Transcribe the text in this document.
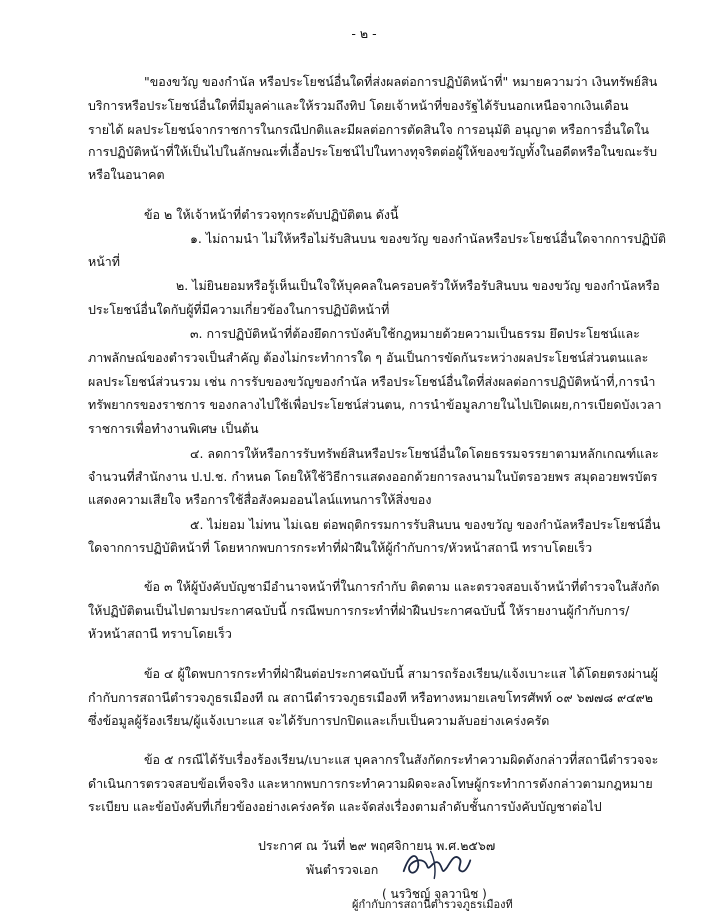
- ๒ -
"ของขวัญ ของกำนัล หรือประโยชน์อื่นใดที่ส่งผลต่อการปฏิบัติหน้าที่" หมายความว่า เงินทรัพย์สิน
บริการหรือประโยชน์อื่นใดที่มีมูลค่าและให้รวมถึงทิป โดยเจ้าหน้าที่ของรัฐได้รับนอกเหนือจากเงินเดือน
รายได้ ผลประโยชน์จากราชการในกรณีปกติและมีผลต่อการตัดสินใจ การอนุมัติ อนุญาต หรือการอื่นใดใน
การปฏิบัติหน้าที่ให้เป็นไปในลักษณะที่เอื้อประโยชน์ไปในทางทุจริตต่อผู้ให้ของขวัญทั้งในอดีตหรือในขณะรับ
หรือในอนาคต
ข้อ ๒ ให้เจ้าหน้าที่ตำรวจทุกระดับปฏิบัติตน ดังนี้
๑. ไม่ถามนำ ไม่ให้หรือไม่รับสินบน ของขวัญ ของกำนัลหรือประโยชน์อื่นใดจากการปฏิบัติ
หน้าที่
๒. ไม่ยินยอมหรือรู้เห็นเป็นใจให้บุคคลในครอบครัวให้หรือรับสินบน ของขวัญ ของกำนัลหรือ
ประโยชน์อื่นใดกับผู้ที่มีความเกี่ยวข้องในการปฏิบัติหน้าที่
๓. การปฏิบัติหน้าที่ต้องยึดการบังคับใช้กฎหมายด้วยความเป็นธรรม ยึดประโยชน์และ
ภาพลักษณ์ของตำรวจเป็นสำคัญ ต้องไม่กระทำการใด ๆ อันเป็นการขัดกันระหว่างผลประโยชน์ส่วนตนและ
ผลประโยชน์ส่วนรวม เช่น การรับของขวัญของกำนัล หรือประโยชน์อื่นใดที่ส่งผลต่อการปฏิบัติหน้าที่,การนำ
ทรัพยากรของราชการ ของกลางไปใช้เพื่อประโยชน์ส่วนตน, การนำข้อมูลภายในไปเปิดเผย,การเบียดบังเวลา
ราชการเพื่อทำงานพิเศษ เป็นต้น
๔. ลดการให้หรือการรับทรัพย์สินหรือประโยชน์อื่นใดโดยธรรมจรรยาตามหลักเกณฑ์และ
จำนวนที่สำนักงาน ป.ป.ช. กำหนด โดยให้ใช้วิธีการแสดงออกด้วยการลงนามในบัตรอวยพร สมุดอวยพรบัตร
แสดงความเสียใจ หรือการใช้สื่อสังคมออนไลน์แทนการให้สิ่งของ
๕. ไม่ยอม ไม่ทน ไม่เฉย ต่อพฤติกรรมการรับสินบน ของขวัญ ของกำนัลหรือประโยชน์อื่น
ใดจากการปฏิบัติหน้าที่ โดยหากพบการกระทำที่ฝ่าฝืนให้ผู้กำกับการ/หัวหน้าสถานี ทราบโดยเร็ว
ข้อ ๓ ให้ผู้บังคับบัญชามีอำนาจหน้าที่ในการกำกับ ติดตาม และตรวจสอบเจ้าหน้าที่ตำรวจในสังกัด
ให้ปฏิบัติตนเป็นไปตามประกาศฉบับนี้ กรณีพบการกระทำที่ฝ่าฝืนประกาศฉบับนี้ ให้รายงานผู้กำกับการ/
หัวหน้าสถานี ทราบโดยเร็ว
ข้อ ๔ ผู้ใดพบการกระทำที่ฝ่าฝืนต่อประกาศฉบับนี้ สามารถร้องเรียน/แจ้งเบาะแส ได้โดยตรงผ่านผู้
กำกับการสถานีตำรวจภูธรเมืองที ณ สถานีตำรวจภูธรเมืองที หรือทางหมายเลขโทรศัพท์ ๐๙ ๖๗๗๘ ๙๔๙๒
ซึ่งข้อมูลผู้ร้องเรียน/ผู้แจ้งเบาะแส จะได้รับการปกปิดและเก็บเป็นความลับอย่างเคร่งครัด
ข้อ ๕ กรณีได้รับเรื่องร้องเรียน/เบาะแส บุคลากรในสังกัดกระทำความผิดดังกล่าวที่สถานีตำรวจจะ
ดำเนินการตรวจสอบข้อเท็จจริง และหากพบการกระทำความผิดจะลงโทษผู้กระทำการดังกล่าวตามกฎหมาย
ระเบียบ และข้อบังคับที่เกี่ยวข้องอย่างเคร่งครัด และจัดส่งเรื่องตามลำดับชั้นการบังคับบัญชาต่อไป
ประกาศ ณ วันที่ ๒๙ พฤศจิกายน พ.ศ.๒๕๖๗
พันตำรวจเอก
( นรวิชญ์ จุลวานิช )
ผู้กำกับการสถานีตำรวจภูธรเมืองที
